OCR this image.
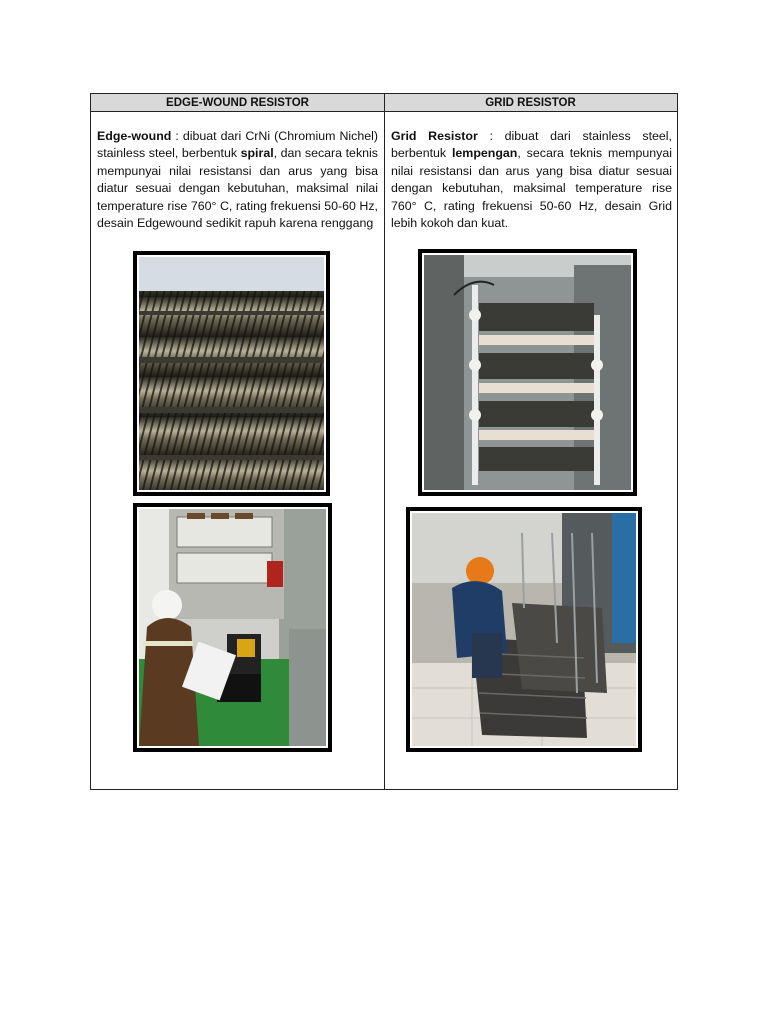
EDGE-WOUND RESISTOR	GRID RESISTOR
Edge-wound : dibuat dari CrNi (Chromium Nichel) stainless steel, berbentuk spiral, dan secara teknis mempunyai nilai resistansi dan arus yang bisa diatur sesuai dengan kebutuhan, maksimal nilai temperature rise 760° C, rating frekuensi 50-60 Hz, desain Edgewound sedikit rapuh karena renggang
Grid Resistor : dibuat dari stainless steel, berbentuk lempengan, secara teknis mempunyai nilai resistansi dan arus yang bisa diatur sesuai dengan kebutuhan, maksimal temperature rise 760° C, rating frekuensi 50-60 Hz, desain Grid lebih kokoh dan kuat.
